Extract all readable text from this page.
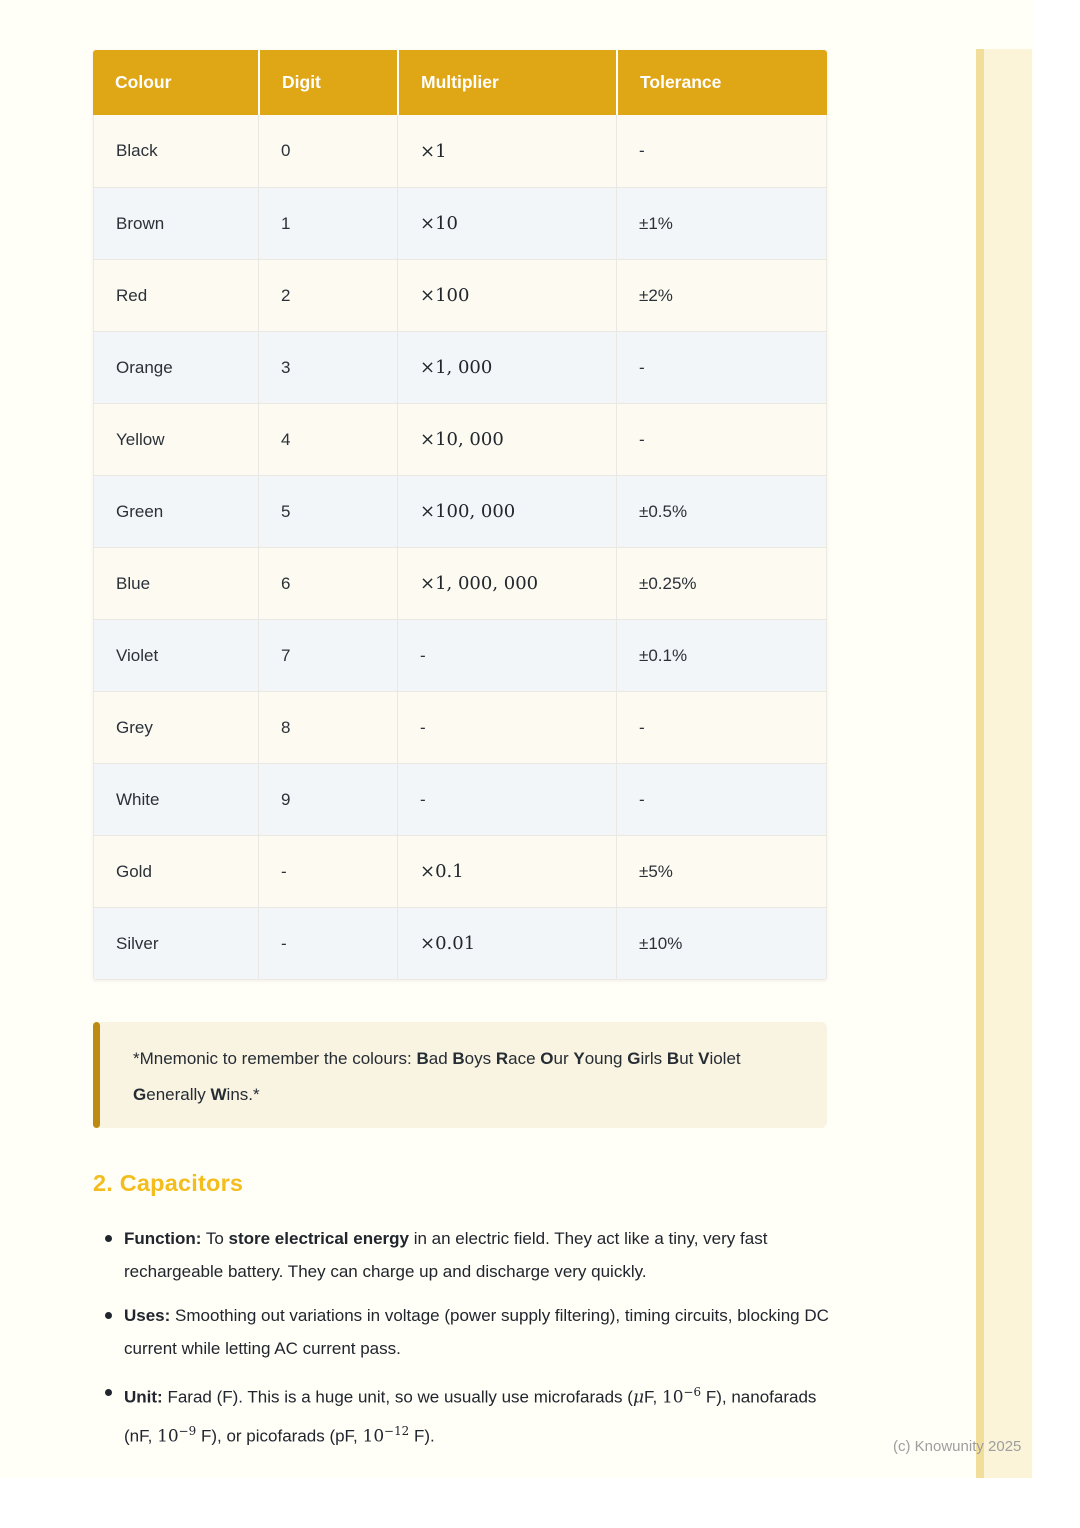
Colour	Digit	Multiplier	Tolerance
Black	0	×1	-
Brown	1	×10	±1%
Red	2	×100	±2%
Orange	3	×1, 000	-
Yellow	4	×10, 000	-
Green	5	×100, 000	±0.5%
Blue	6	×1, 000, 000	±0.25%
Violet	7	-	±0.1%
Grey	8	-	-
White	9	-	-
Gold	-	×0.1	±5%
Silver	-	×0.01	±10%
*Mnemonic to remember the colours: Bad Boys Race Our Young Girls But Violet Generally Wins.*
2. Capacitors
Function: To store electrical energy in an electric field. They act like a tiny, very fast rechargeable battery. They can charge up and discharge very quickly.
Uses: Smoothing out variations in voltage (power supply filtering), timing circuits, blocking DC current while letting AC current pass.
Unit: Farad (F). This is a huge unit, so we usually use microfarads (μF, $10^{-6}$ F), nanofarads (nF, $10^{-9}$ F), or picofarads (pF, $10^{-12}$ F).
(c) Knowunity 2025
